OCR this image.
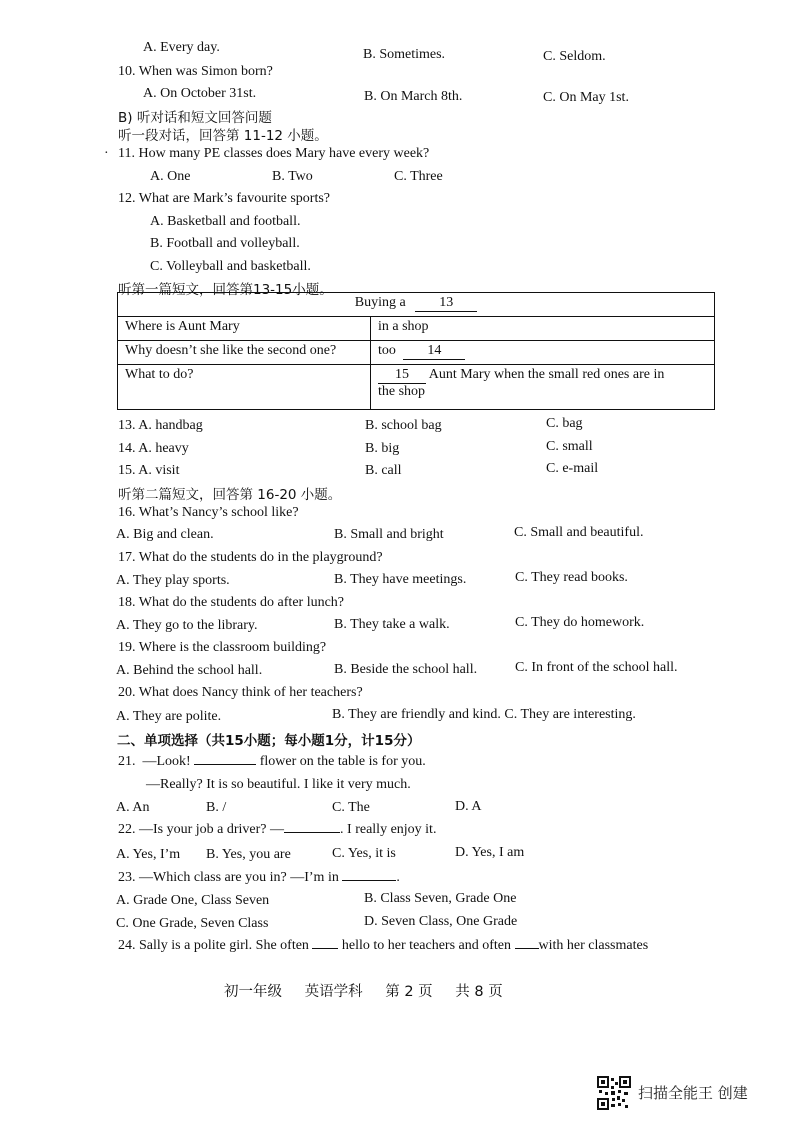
A. Every day.	B. Sometimes.	C. Seldom.
10. When was Simon born?
A. On October 31st.	B. On March 8th.	C. On May 1st.
B) 听对话和短文回答问题
听一段对话，回答第 11-12 小题。
· 11. How many PE classes does Mary have every week?
A. One	B. Two	C. Three
12. What are Mark’s favourite sports?
A. Basketball and football.
B. Football and volleyball.
C. Volleyball and basketball.
听第一篇短文，回答第13-15小题。
Buying a 13	
Where is Aunt Mary	in a shop
Why doesn’t she like the second one?	too 14
What to do?	15 Aunt Mary when the small red ones are in
the shop
13. A. handbag	B. school bag	C. bag
14. A. heavy	B. big	C. small
15. A. visit	B. call	C. e-mail
听第二篇短文，回答第 16-20 小题。
16. What’s Nancy’s school like?
A. Big and clean.	B. Small and bright	C. Small and beautiful.
17. What do the students do in the playground?
A. They play sports.	B. They have meetings.	C. They read books.
18. What do the students do after lunch?
A. They go to the library.	B. They take a walk.	C. They do homework.
19. Where is the classroom building?
A. Behind the school hall.	B. Beside the school hall.	C. In front of the school hall.
20. What does Nancy think of her teachers?
A. They are polite.	B. They are friendly and kind. C. They are interesting.
二、单项选择（共15小题；每小题1分，计15分）
21. —Look!	flower on the table is for you.
—Really? It is so beautiful. I like it very much.
A. An	B. /	C. The	D. A
22. —Is your job a driver? —	. I really enjoy it.
A. Yes, I’m B. Yes, you are	C. Yes, it is	D. Yes, I am
23. —Which class are you in? —I’m in	.
A. Grade One, Class Seven	B. Class Seven, Grade One
C. One Grade, Seven Class	D. Seven Class, One Grade
24. Sally is a polite girl. She often hello to her teachers and often with her classmates
初一年级 英语学科 第 2 页 共 8 页
扫描全能王 创建
